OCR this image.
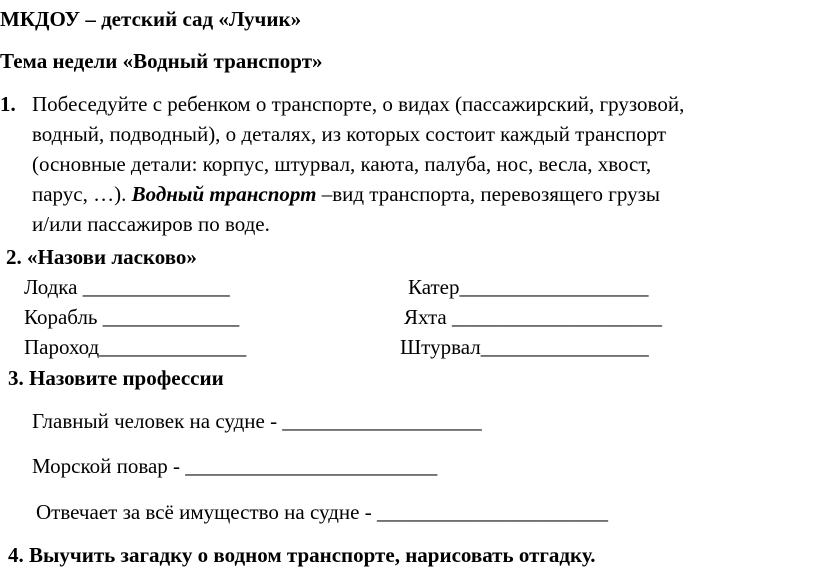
МКДОУ – детский сад «Лучик»
Тема недели «Водный транспорт»
1. Побеседуйте с ребенком о транспорте, о видах (пассажирский, грузовой,
водный, подводный), о деталях, из которых состоит каждый транспорт
(основные детали: корпус, штурвал, каюта, палуба, нос, весла, хвост,
парус, …). Водный транспорт –вид транспорта, перевозящего грузы
и/или пассажиров по воде.
2. «Назови ласково»
Лодка ______________
Корабль _____________
Пароход______________
Катер__________________
Яхта ____________________
Штурвал________________
3. Назовите профессии
Главный человек на судне - ___________________
Морской повар - ________________________
Отвечает за всё имущество на судне - ______________________
4. Выучить загадку о водном транспорте, нарисовать отгадку.
